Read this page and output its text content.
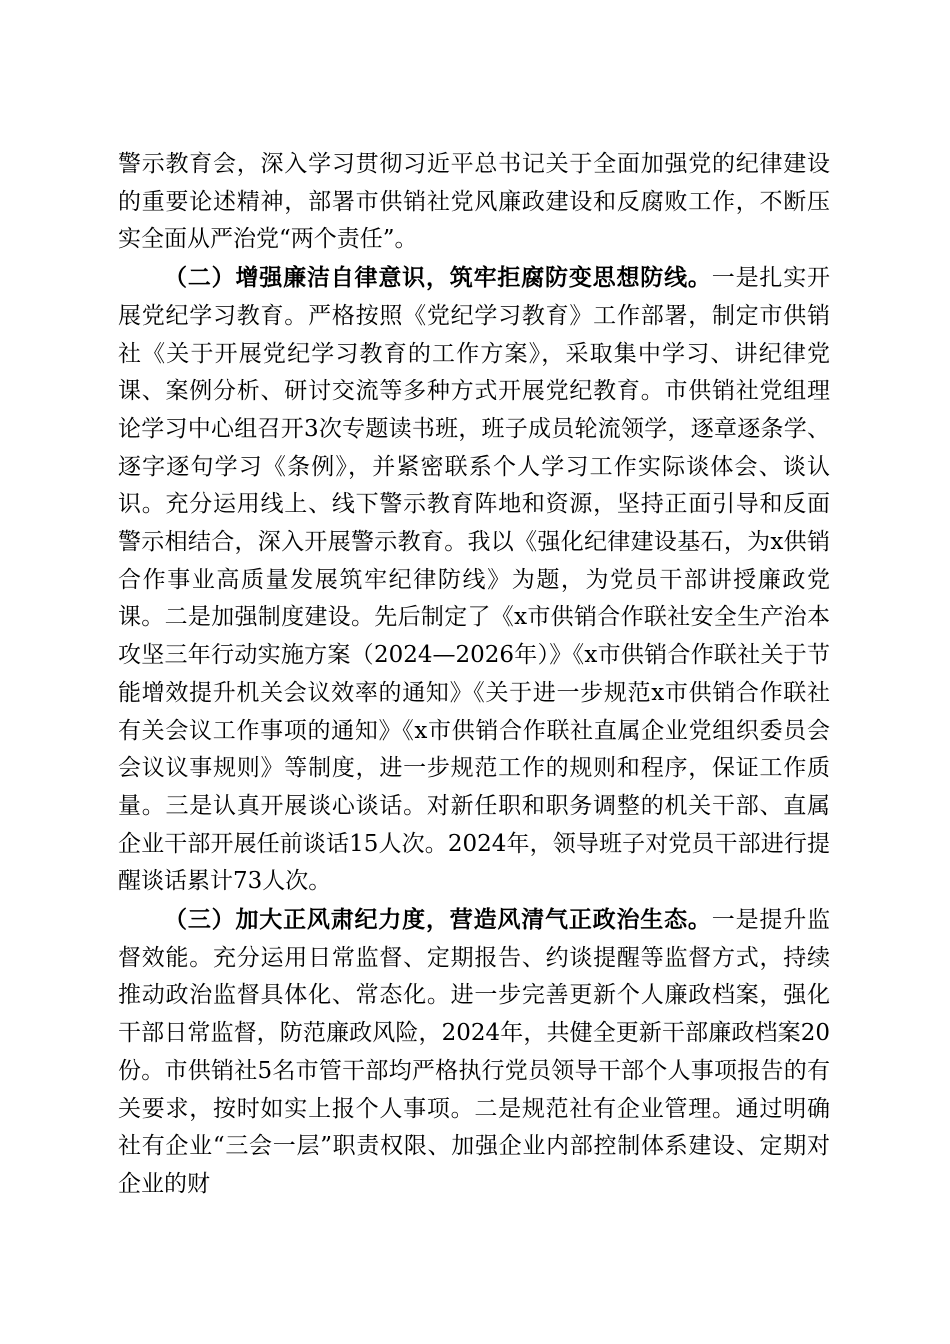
警示教育会，深入学习贯彻习近平总书记关于全面加强党的纪律建设的重要论述精神，部署市供销社党风廉政建设和反腐败工作，不断压实全面从严治党“两个责任”。

（二）增强廉洁自律意识，筑牢拒腐防变思想防线。一是扎实开展党纪学习教育。严格按照《党纪学习教育》工作部署，制定市供销社《关于开展党纪学习教育的工作方案》，采取集中学习、讲纪律党课、案例分析、研讨交流等多种方式开展党纪教育。市供销社党组理论学习中心组召开3次专题读书班，班子成员轮流领学，逐章逐条学、逐字逐句学习《条例》，并紧密联系个人学习工作实际谈体会、谈认识。充分运用线上、线下警示教育阵地和资源，坚持正面引导和反面警示相结合，深入开展警示教育。我以《强化纪律建设基石，为x供销合作事业高质量发展筑牢纪律防线》为题，为党员干部讲授廉政党课。二是加强制度建设。先后制定了《x市供销合作联社安全生产治本攻坚三年行动实施方案（2024—2026年）》《x市供销合作联社关于节能增效提升机关会议效率的通知》《关于进一步规范x市供销合作联社有关会议工作事项的通知》《x市供销合作联社直属企业党组织委员会会议议事规则》等制度，进一步规范工作的规则和程序，保证工作质量。三是认真开展谈心谈话。对新任职和职务调整的机关干部、直属企业干部开展任前谈话15人次。2024年，领导班子对党员干部进行提醒谈话累计73人次。

（三）加大正风肃纪力度，营造风清气正政治生态。一是提升监督效能。充分运用日常监督、定期报告、约谈提醒等监督方式，持续推动政治监督具体化、常态化。进一步完善更新个人廉政档案，强化干部日常监督，防范廉政风险，2024年，共健全更新干部廉政档案20份。市供销社5名市管干部均严格执行党员领导干部个人事项报告的有关要求，按时如实上报个人事项。二是规范社有企业管理。通过明确社有企业“三会一层”职责权限、加强企业内部控制体系建设、定期对企业的财
